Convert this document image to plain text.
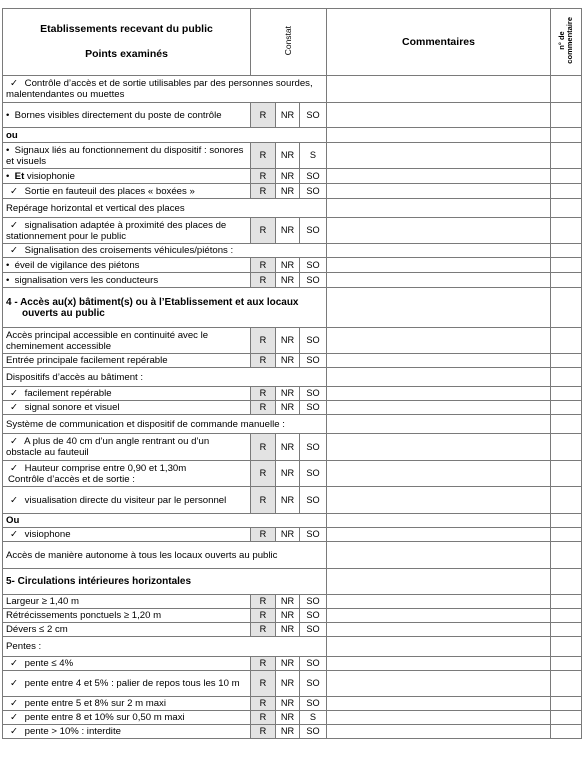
Etablissements recevant du public
Points examinés	Constat			Commentaires	n° de
commentaire
✓ Contrôle d’accès et de sortie utilisables par des personnes sourdes, malentendantes ou muettes					
• Bornes visibles directement du poste de contrôle	R	NR	SO		
ou					
• Signaux liés au fonctionnement du dispositif : sonores et visuels	R	NR	S		
• Et visiophonie	R	NR	SO		
✓ Sortie en fauteuil des places « boxées »	R	NR	SO		
Repérage horizontal et vertical des places					
✓ signalisation adaptée à proximité des places de stationnement pour le public	R	NR	SO		
✓ Signalisation des croisements véhicules/piétons :					
• éveil de vigilance des piétons	R	NR	SO		
• signalisation vers les conducteurs	R	NR	SO		
4 - Accès au(x) bâtiment(s) ou à l’Etablissement et aux locaux
ouverts au public					

Accès principal accessible en continuité avec le cheminement accessible	R	NR	SO		
Entrée principale facilement repérable	R	NR	SO		
Dispositifs d’accès au bâtiment :					
✓ facilement repérable	R	NR	SO		
✓ signal sonore et visuel	R	NR	SO		
Système de communication et dispositif de commande manuelle :					
✓ A plus de 40 cm d’un angle rentrant ou d’un obstacle au fauteuil	R	NR	SO		
✓ Hauteur comprise entre 0,90 et 1,30m
Contrôle d’accès et de sortie :	R	NR	SO		
✓ visualisation directe du visiteur par le personnel	R	NR	SO		
Ou					
✓ visiophone	R	NR	SO		
Accès de manière autonome à tous les locaux ouverts au public					
5- Circulations intérieures horizontales					
Largeur ≥ 1,40 m	R	NR	SO		
Rétrécissements ponctuels ≥ 1,20 m	R	NR	SO		
Dévers ≤ 2 cm	R	NR	SO		
Pentes :					
✓ pente ≤ 4%	R	NR	SO		
✓ pente entre 4 et 5% : palier de repos tous les 10 m	R	NR	SO		
✓ pente entre 5 et 8% sur 2 m maxi	R	NR	SO		
✓ pente entre 8 et 10% sur 0,50 m maxi	R	NR	S		
✓ pente > 10% : interdite	R	NR	SO		
